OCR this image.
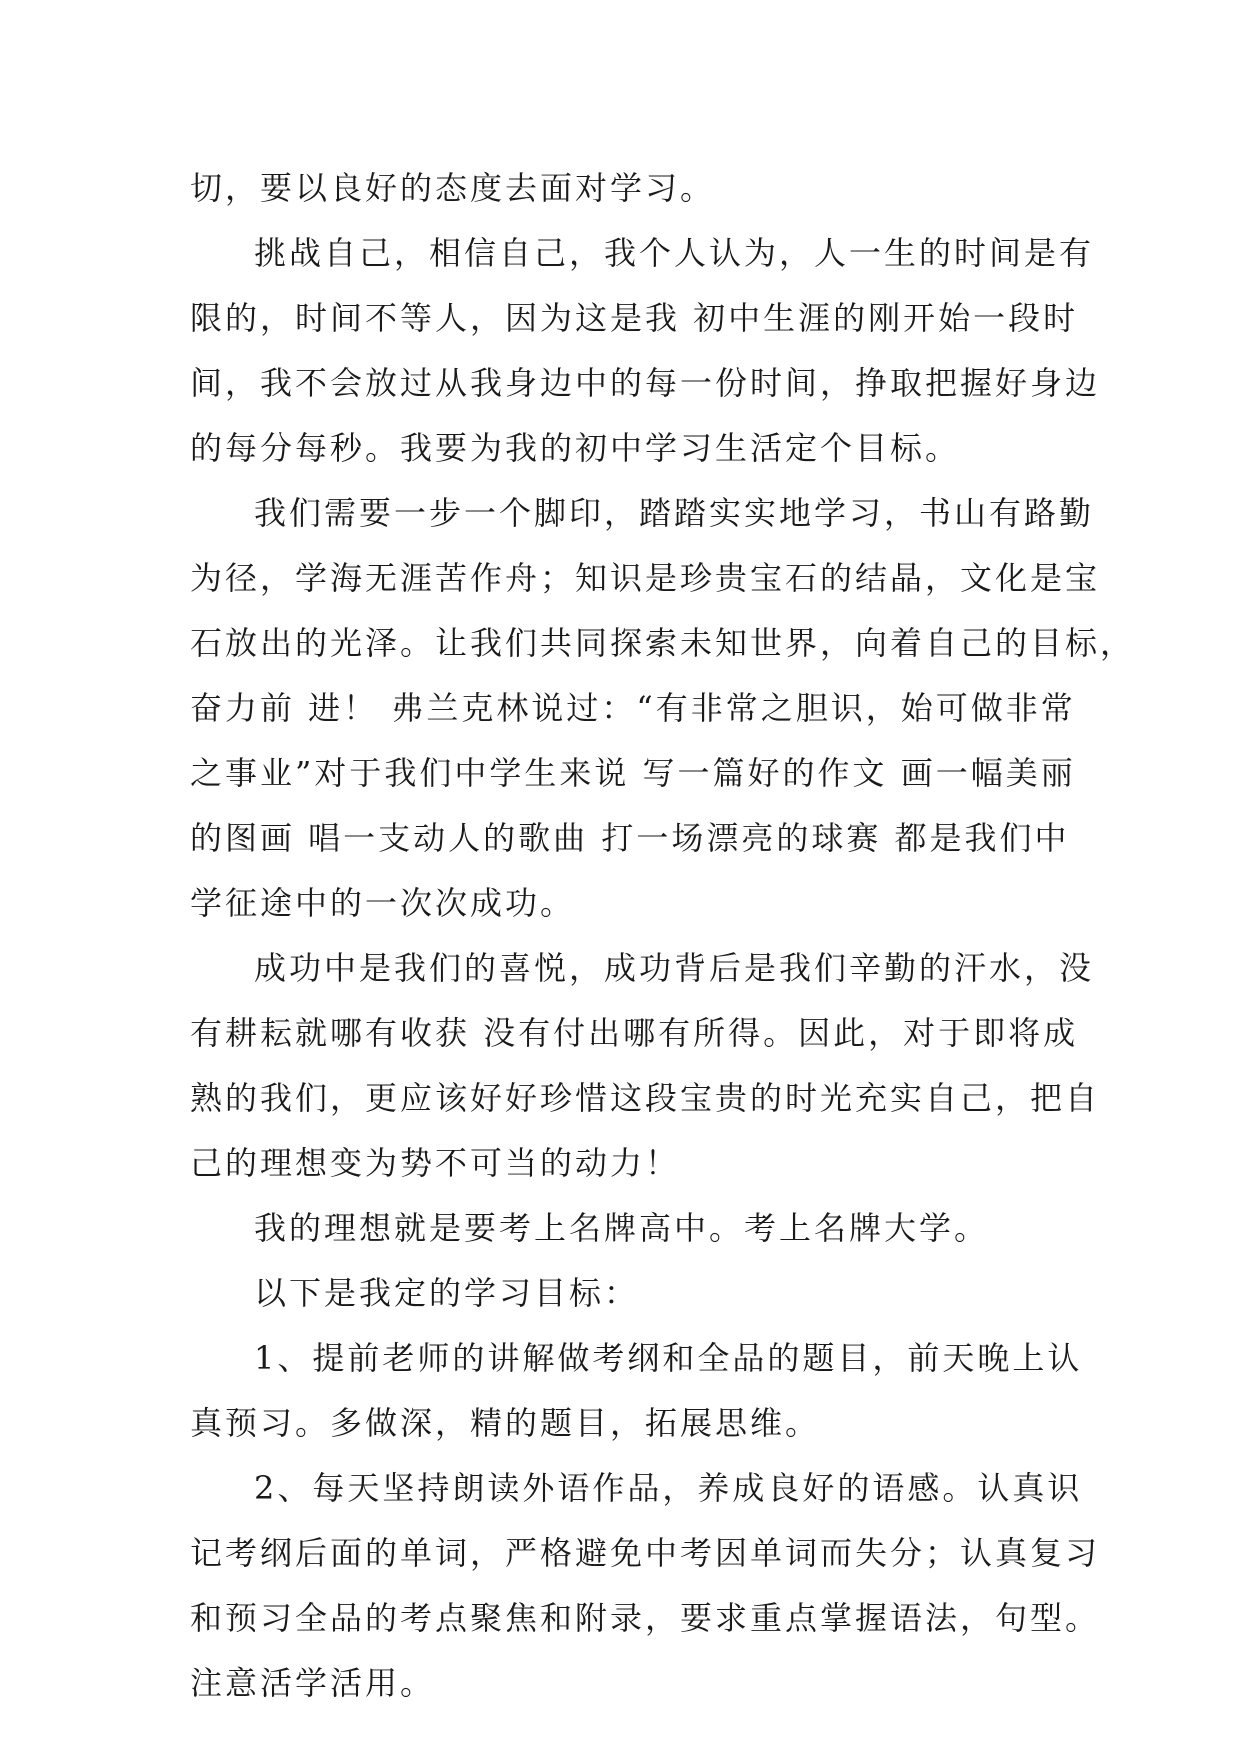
切，要以良好的态度去面对学习。
挑战自己，相信自己，我个人认为，人一生的时间是有
限的，时间不等人，因为这是我 初中生涯的刚开始一段时
间，我不会放过从我身边中的每一份时间，挣取把握好身边
的每分每秒。我要为我的初中学习生活定个目标。
我们需要一步一个脚印，踏踏实实地学习，书山有路勤
为径，学海无涯苦作舟；知识是珍贵宝石的结晶，文化是宝
石放出的光泽。让我们共同探索未知世界，向着自己的目标，
奋力前 进！ 弗兰克林说过：“有非常之胆识，始可做非常
之事业”对于我们中学生来说 写一篇好的作文 画一幅美丽
的图画 唱一支动人的歌曲 打一场漂亮的球赛 都是我们中
学征途中的一次次成功。
成功中是我们的喜悦，成功背后是我们辛勤的汗水，没
有耕耘就哪有收获 没有付出哪有所得。因此，对于即将成
熟的我们，更应该好好珍惜这段宝贵的时光充实自己，把自
己的理想变为势不可当的动力！
我的理想就是要考上名牌高中。考上名牌大学。
以下是我定的学习目标：
1、提前老师的讲解做考纲和全品的题目，前天晚上认
真预习。多做深，精的题目，拓展思维。
2、每天坚持朗读外语作品，养成良好的语感。认真识
记考纲后面的单词，严格避免中考因单词而失分；认真复习
和预习全品的考点聚焦和附录，要求重点掌握语法，句型。
注意活学活用。
